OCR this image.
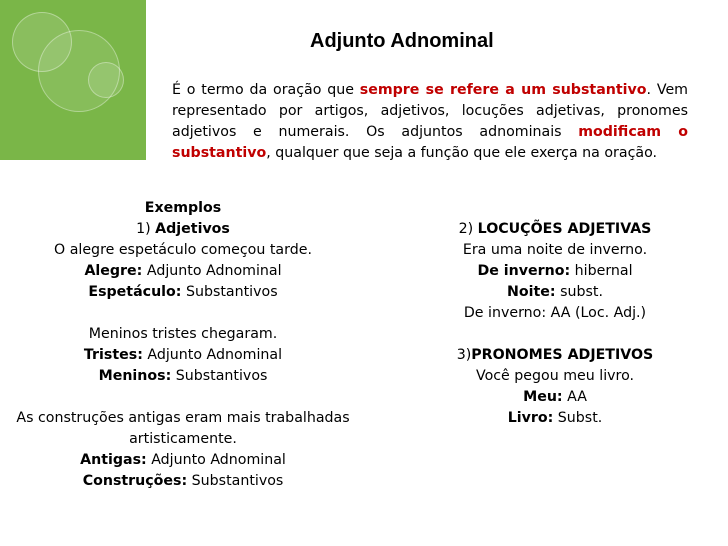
Adjunto Adnominal
É o termo da oração que sempre se refere a um substantivo. Vem representado por artigos, adjetivos, locuções adjetivas, pronomes adjetivos e numerais. Os adjuntos adnominais modificam o substantivo, qualquer que seja a função que ele exerça na oração.
Exemplos
1) Adjetivos
O alegre espetáculo começou tarde.
Alegre: Adjunto Adnominal
Espetáculo: Substantivos
Meninos tristes chegaram.
Tristes: Adjunto Adnominal
Meninos: Substantivos
As construções antigas eram mais trabalhadas artisticamente.
Antigas: Adjunto Adnominal
Construções: Substantivos
2) LOCUÇÕES ADJETIVAS
Era uma noite de inverno.
De inverno: hibernal
Noite: subst.
De inverno: AA (Loc. Adj.)
3)PRONOMES ADJETIVOS
Você pegou meu livro.
Meu: AA
Livro: Subst.
